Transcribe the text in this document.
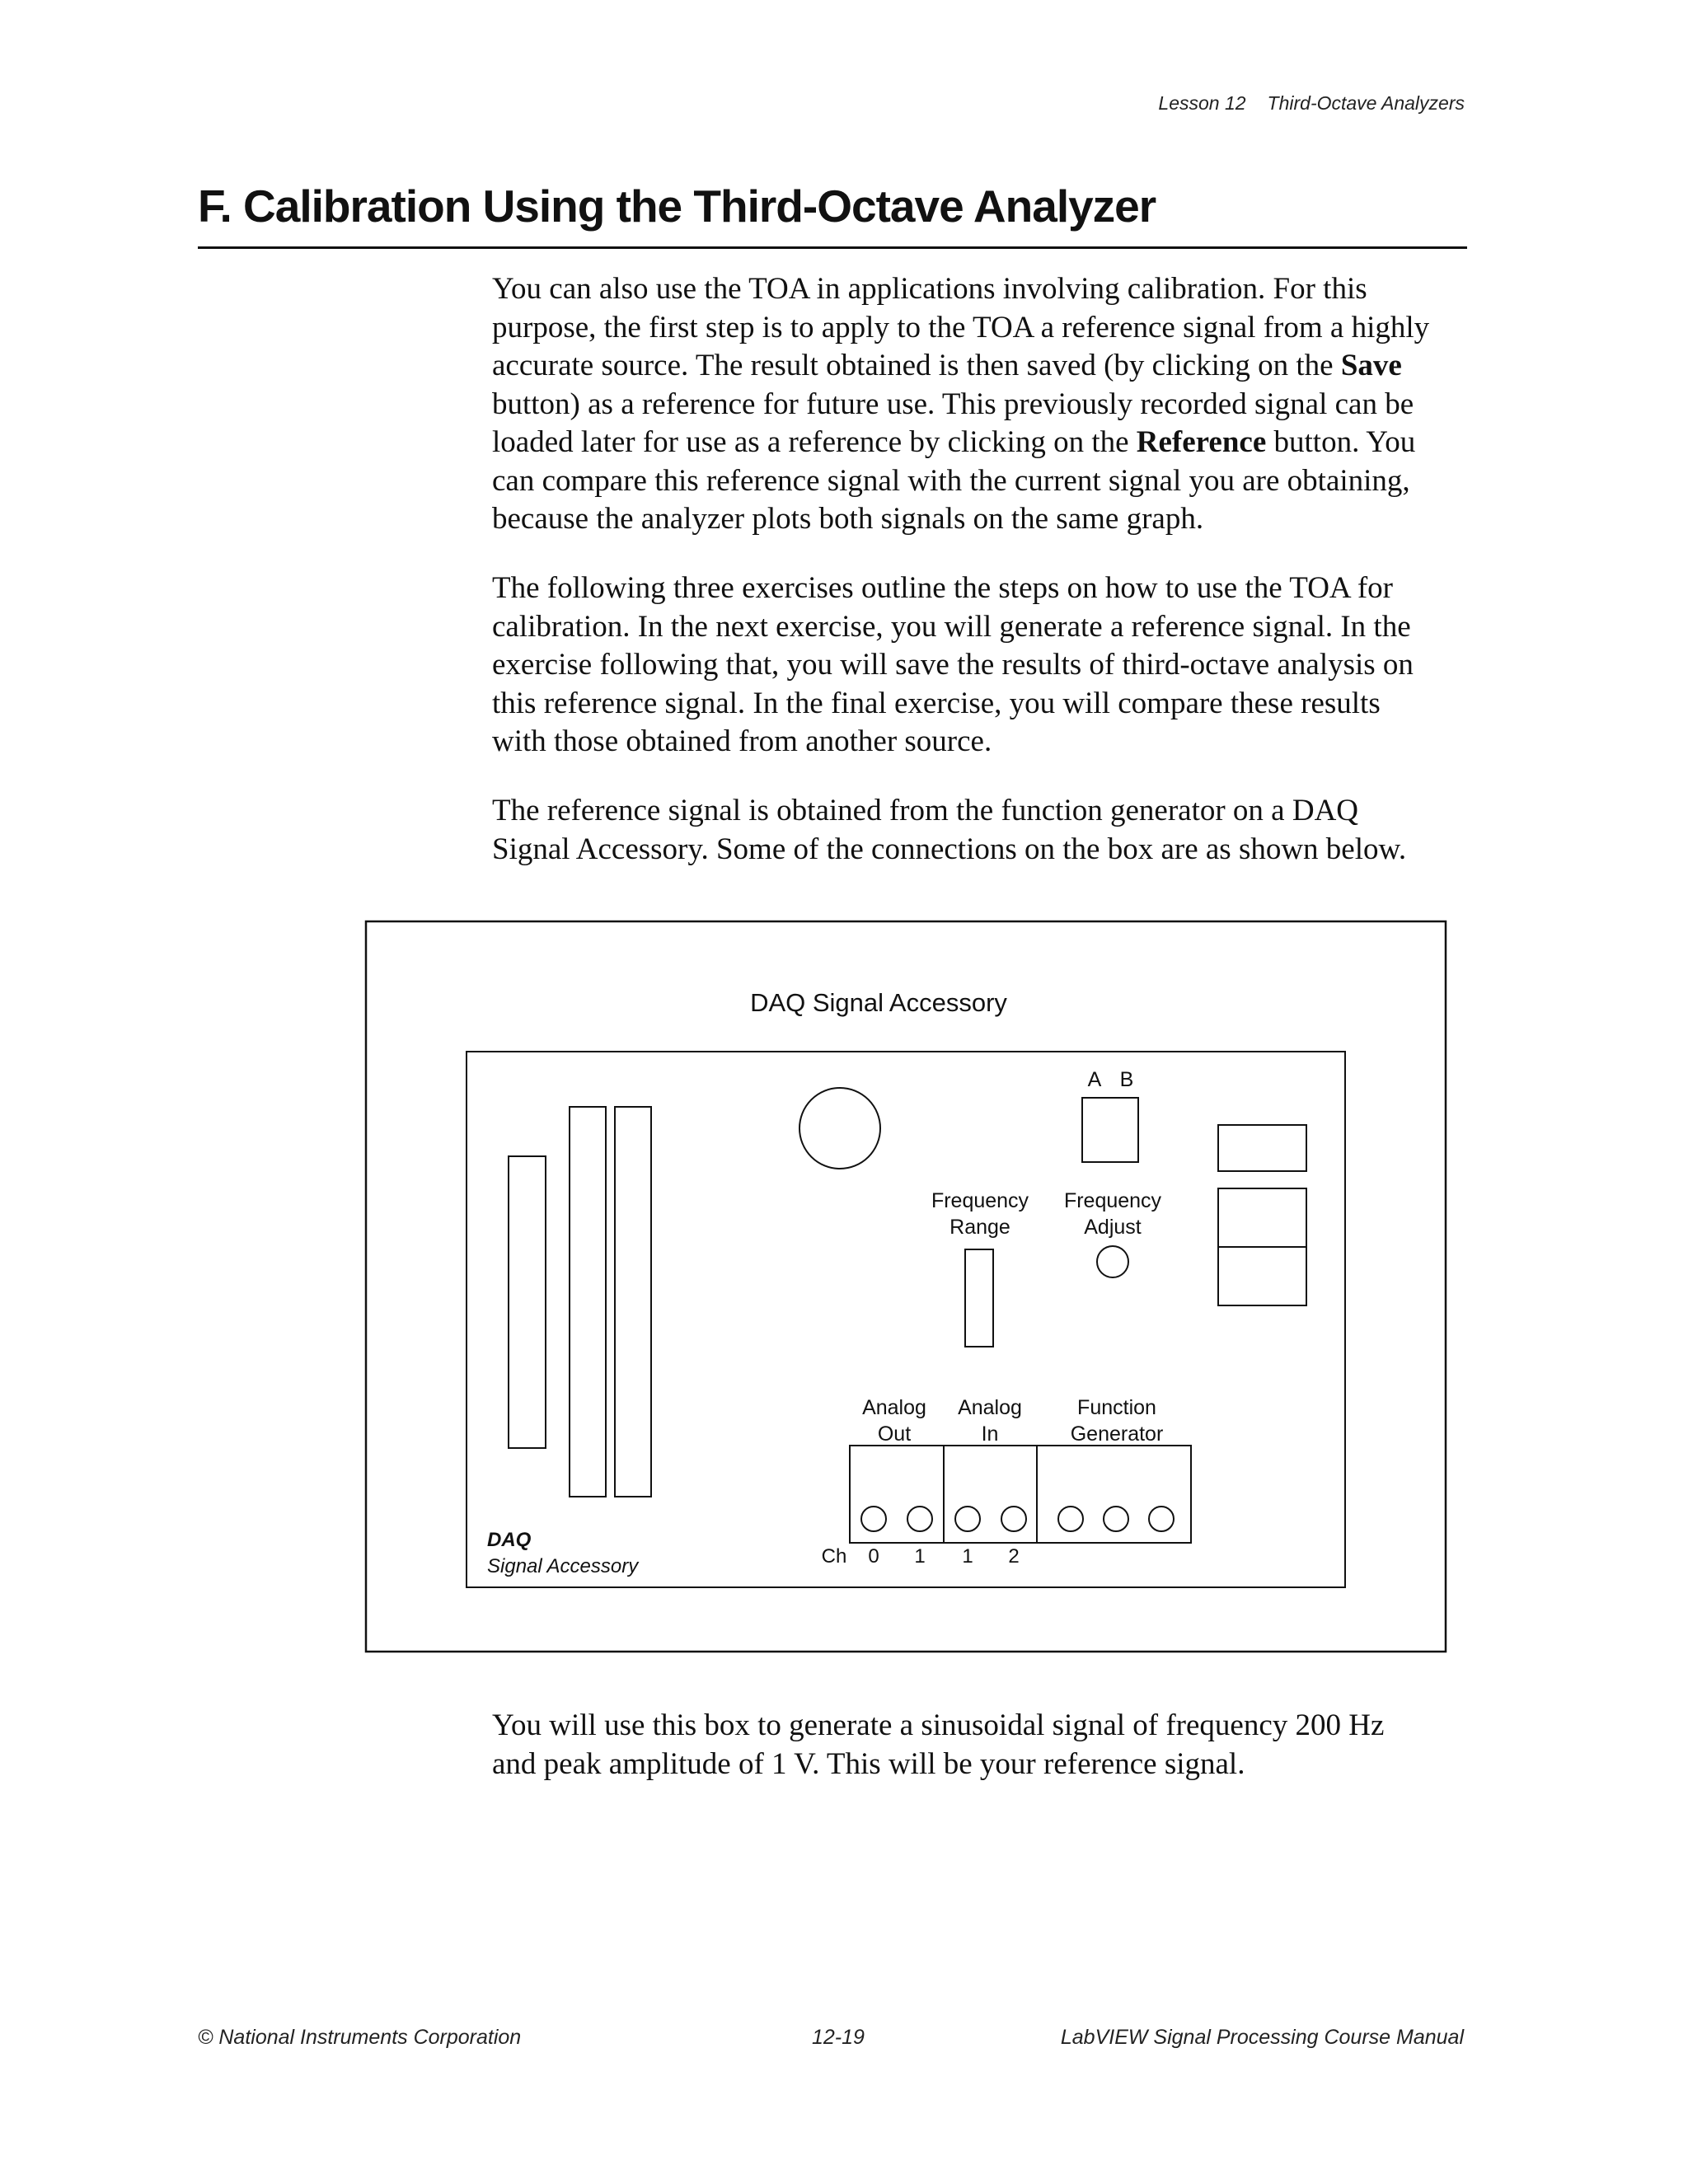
Lesson 12 Third-Octave Analyzers
F. Calibration Using the Third-Octave Analyzer
You can also use the TOA in applications involving calibration. For this
purpose, the first step is to apply to the TOA a reference signal from a highly
accurate source. The result obtained is then saved (by clicking on the Save
button) as a reference for future use. This previously recorded signal can be
loaded later for use as a reference by clicking on the Reference button. You
can compare this reference signal with the current signal you are obtaining,
because the analyzer plots both signals on the same graph.
The following three exercises outline the steps on how to use the TOA for
calibration. In the next exercise, you will generate a reference signal. In the
exercise following that, you will save the results of third-octave analysis on
this reference signal. In the final exercise, you will compare these results
with those obtained from another source.
The reference signal is obtained from the function generator on a DAQ
Signal Accessory. Some of the connections on the box are as shown below.
DAQ Signal Accessory
A B
Frequency
Range
Frequency
Adjust
Analog
Out
Analog
In
Function
Generator
Ch 0 1 1 2
DAQ
Signal Accessory
You will use this box to generate a sinusoidal signal of frequency 200 Hz
and peak amplitude of 1 V. This will be your reference signal.
© National Instruments Corporation	12-19	LabVIEW Signal Processing Course Manual
